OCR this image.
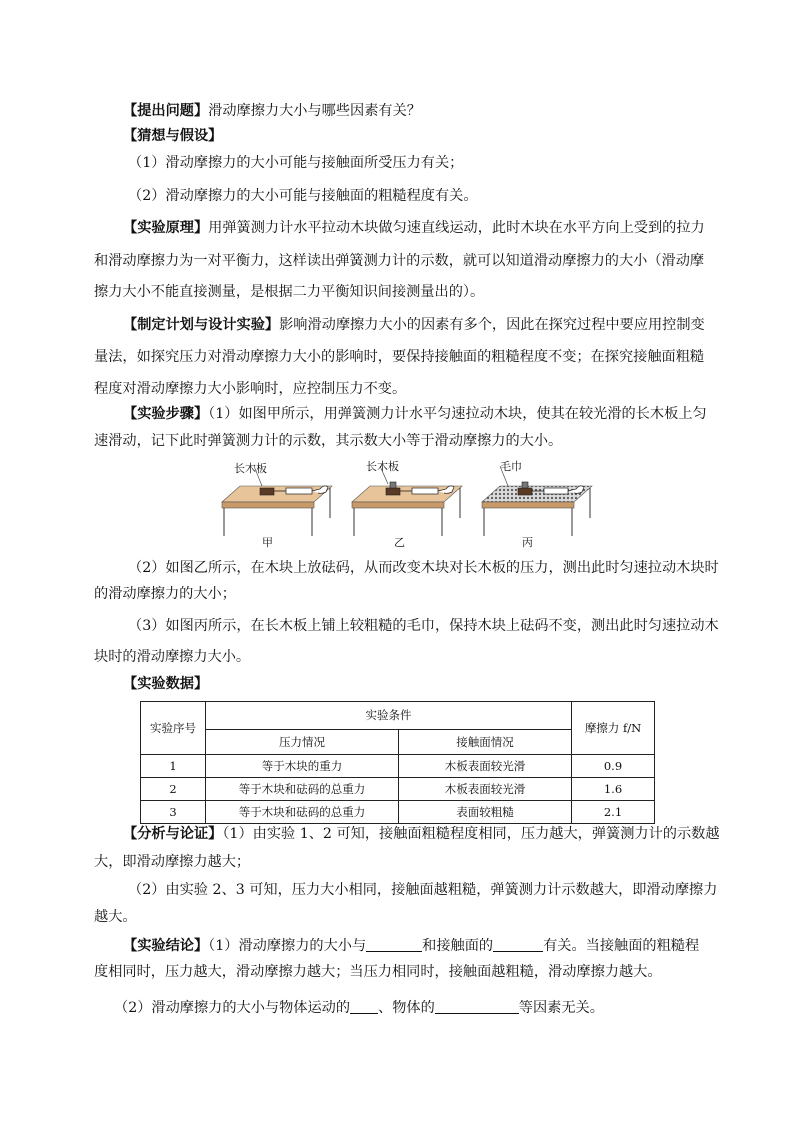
【提出问题】滑动摩擦力大小与哪些因素有关？
【猜想与假设】
（1）滑动摩擦力的大小可能与接触面所受压力有关；
（2）滑动摩擦力的大小可能与接触面的粗糙程度有关。
【实验原理】用弹簧测力计水平拉动木块做匀速直线运动，此时木块在水平方向上受到的拉力
和滑动摩擦力为一对平衡力，这样读出弹簧测力计的示数，就可以知道滑动摩擦力的大小（滑动摩
擦力大小不能直接测量，是根据二力平衡知识间接测量出的）。
【制定计划与设计实验】影响滑动摩擦力大小的因素有多个，因此在探究过程中要应用控制变
量法，如探究压力对滑动摩擦力大小的影响时，要保持接触面的粗糙程度不变；在探究接触面粗糙
程度对滑动摩擦力大小影响时，应控制压力不变。
【实验步骤】（1）如图甲所示，用弹簧测力计水平匀速拉动木块，使其在较光滑的长木板上匀
速滑动，记下此时弹簧测力计的示数，其示数大小等于滑动摩擦力的大小。
长木板
甲
长木板
乙
毛巾
丙
（2）如图乙所示，在木块上放砝码，从而改变木块对长木板的压力，测出此时匀速拉动木块时
的滑动摩擦力的大小；
（3）如图丙所示，在长木板上铺上较粗糙的毛巾，保持木块上砝码不变，测出此时匀速拉动木
块时的滑动摩擦力大小。
【实验数据】
实验序号	实验条件		摩擦力 f/N
	压力情况	接触面情况	
1	等于木块的重力	木板表面较光滑	0.9
2	等于木块和砝码的总重力	木板表面较光滑	1.6
3	等于木块和砝码的总重力	表面较粗糙	2.1
【分析与论证】（1）由实验 1、2 可知，接触面粗糙程度相同，压力越大，弹簧测力计的示数越
大，即滑动摩擦力越大；
（2）由实验 2、3 可知，压力大小相同，接触面越粗糙，弹簧测力计示数越大，即滑动摩擦力
越大。
【实验结论】（1）滑动摩擦力的大小与	和接触面的	有关。当接触面的粗糙程
度相同时，压力越大，滑动摩擦力越大；当压力相同时，接触面越粗糙，滑动摩擦力越大。
（2）滑动摩擦力的大小与物体运动的 、物体的	等因素无关。
